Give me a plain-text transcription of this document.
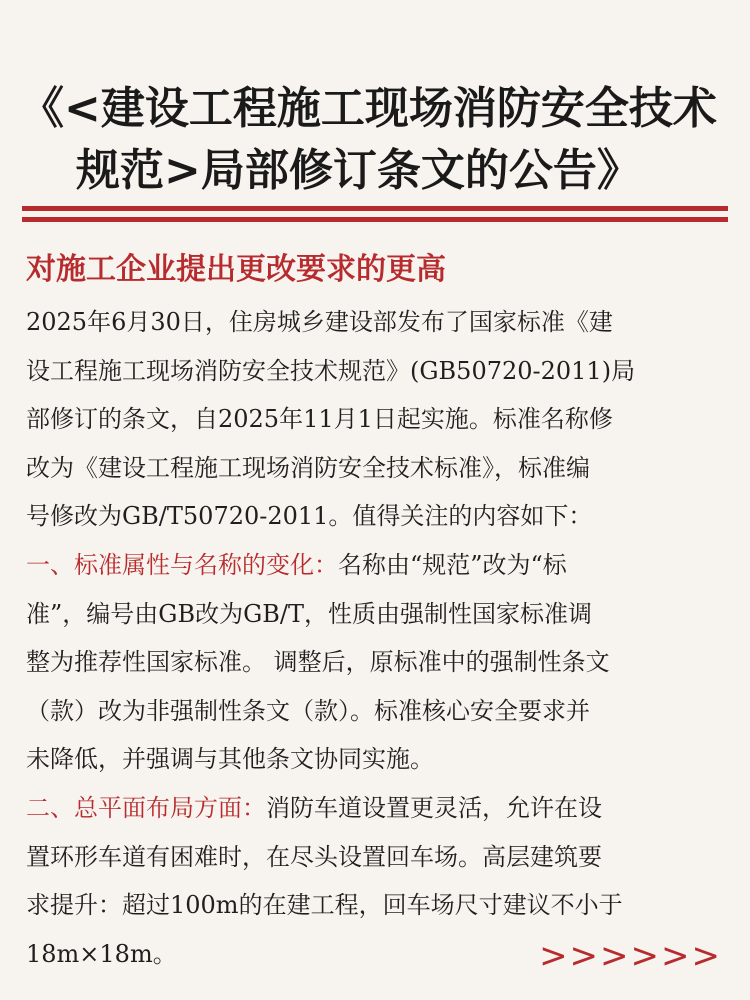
《<建设工程施工现场消防安全技术
规范>局部修订条文的公告》
对施工企业提出更改要求的更高

2025年6月30日，住房城乡建设部发布了国家标准《建
设工程施工现场消防安全技术规范》(GB50720-2011)局
部修订的条文，自2025年11月1日起实施。标准名称修
改为《建设工程施工现场消防安全技术标准》，标准编
号修改为GB/T50720-2011。值得关注的内容如下：

一、标准属性与名称的变化：名称由“规范”改为“标
准”，编号由GB改为GB/T，性质由强制性国家标准调
整为推荐性国家标准。 调整后，原标准中的强制性条文
（款）改为非强制性条文（款）。标准核心安全要求并
未降低，并强调与其他条文协同实施。

二、总平面布局方面：消防车道设置更灵活，允许在设
置环形车道有困难时，在尽头设置回车场。高层建筑要
求提升：超过100m的在建工程，回车场尺寸建议不小于
18m×18m。	>>>>>>
